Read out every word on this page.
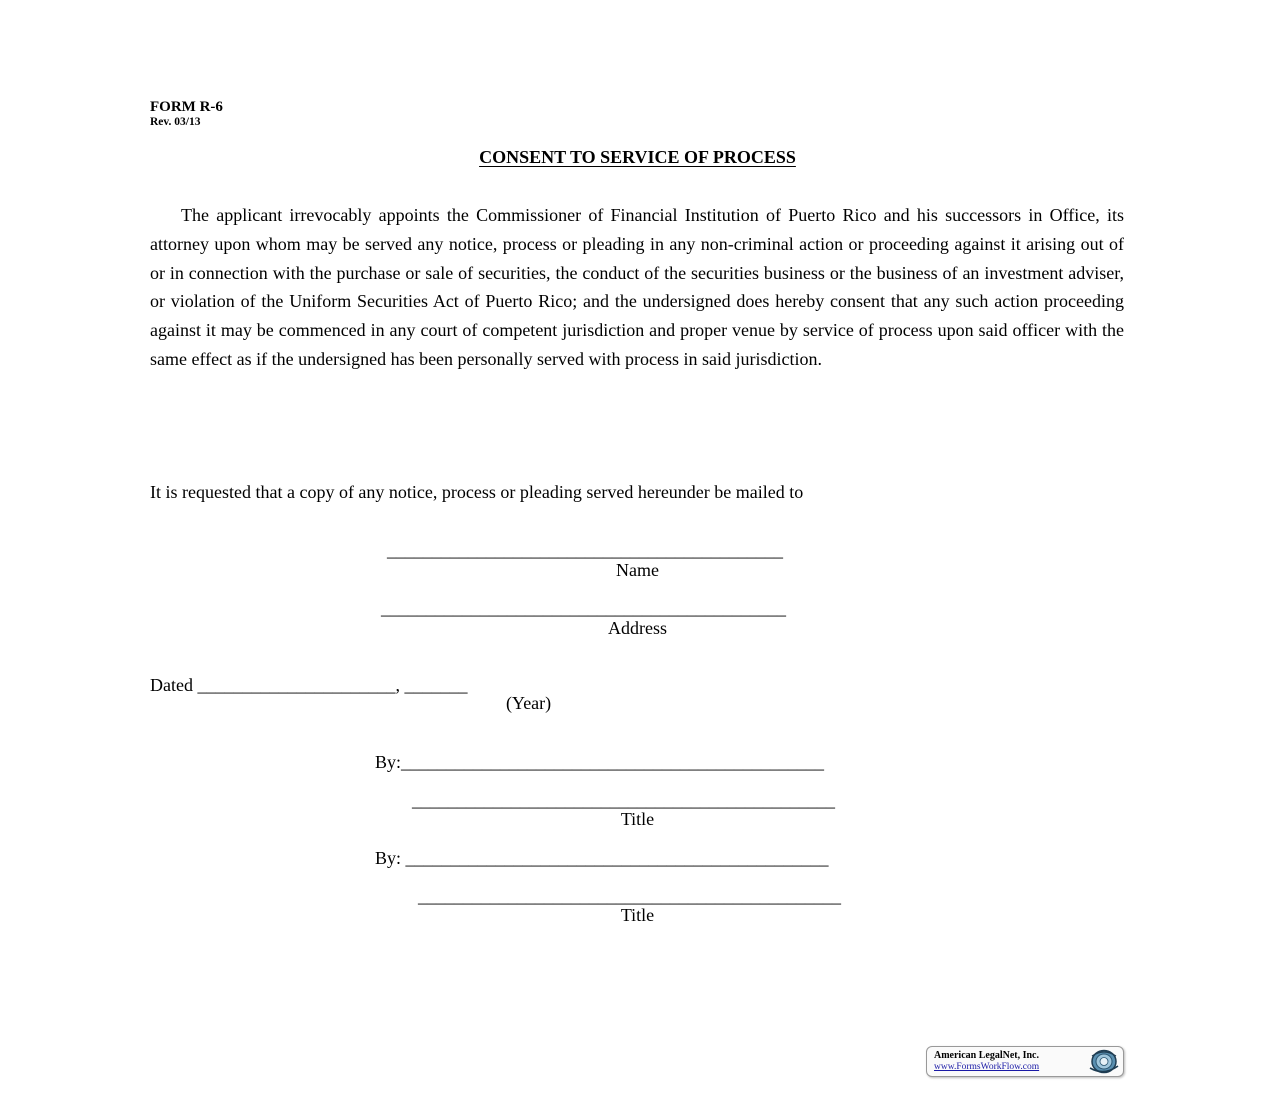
FORM R-6
Rev. 03/13
CONSENT TO SERVICE OF PROCESS
The applicant irrevocably appoints the Commissioner of Financial Institution of Puerto Rico and his successors in Office, its attorney upon whom may be served any notice, process or pleading in any non-criminal action or proceeding against it arising out of or in connection with the purchase or sale of securities, the conduct of the securities business or the business of an investment adviser, or violation of the Uniform Securities Act of Puerto Rico; and the undersigned does hereby consent that any such action proceeding against it may be commenced in any court of competent jurisdiction and proper venue by service of process upon said officer with the same effect as if the undersigned has been personally served with process in said jurisdiction.
It is requested that a copy of any notice, process or pleading served hereunder be mailed to
____________________________________________
Name
_____________________________________________
Address
Dated ______________________, _______
(Year)
By:_______________________________________________
_______________________________________________
Title
By: _______________________________________________
_______________________________________________
Title
American LegalNet, Inc.
www.FormsWorkFlow.com
